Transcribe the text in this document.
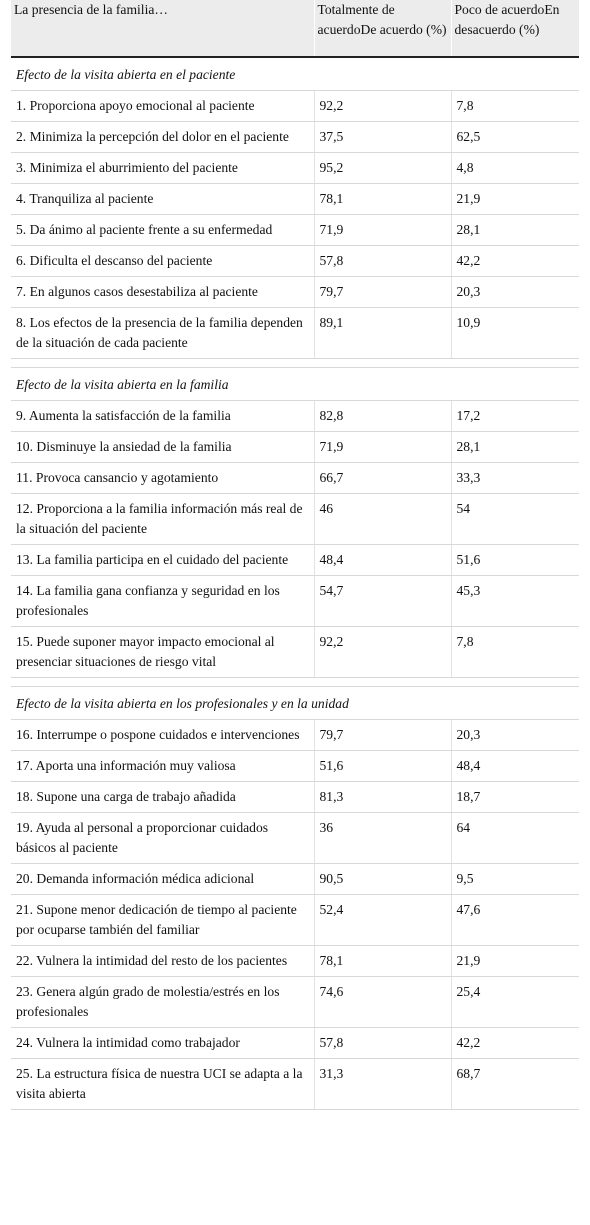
La presencia de la familia…	Totalmente de acuerdoDe acuerdo (%)	Poco de acuerdoEn desacuerdo (%)
Efecto de la visita abierta en el paciente		
1. Proporciona apoyo emocional al paciente	92,2	7,8
2. Minimiza la percepción del dolor en el paciente	37,5	62,5
3. Minimiza el aburrimiento del paciente	95,2	4,8
4. Tranquiliza al paciente	78,1	21,9
5. Da ánimo al paciente frente a su enfermedad	71,9	28,1
6. Dificulta el descanso del paciente	57,8	42,2
7. En algunos casos desestabiliza al paciente	79,7	20,3
8. Los efectos de la presencia de la familia dependen de la situación de cada paciente	89,1	10,9

Efecto de la visita abierta en la familia		
9. Aumenta la satisfacción de la familia	82,8	17,2
10. Disminuye la ansiedad de la familia	71,9	28,1
11. Provoca cansancio y agotamiento	66,7	33,3
12. Proporciona a la familia información más real de la situación del paciente	46	54
13. La familia participa en el cuidado del paciente	48,4	51,6
14. La familia gana confianza y seguridad en los profesionales	54,7	45,3
15. Puede suponer mayor impacto emocional al presenciar situaciones de riesgo vital	92,2	7,8

Efecto de la visita abierta en los profesionales y en la unidad		
16. Interrumpe o pospone cuidados e intervenciones	79,7	20,3
17. Aporta una información muy valiosa	51,6	48,4
18. Supone una carga de trabajo añadida	81,3	18,7
19. Ayuda al personal a proporcionar cuidados básicos al paciente	36	64
20. Demanda información médica adicional	90,5	9,5
21. Supone menor dedicación de tiempo al paciente por ocuparse también del familiar	52,4	47,6
22. Vulnera la intimidad del resto de los pacientes	78,1	21,9
23. Genera algún grado de molestia/estrés en los profesionales	74,6	25,4
24. Vulnera la intimidad como trabajador	57,8	42,2
25. La estructura física de nuestra UCI se adapta a la visita abierta	31,3	68,7
